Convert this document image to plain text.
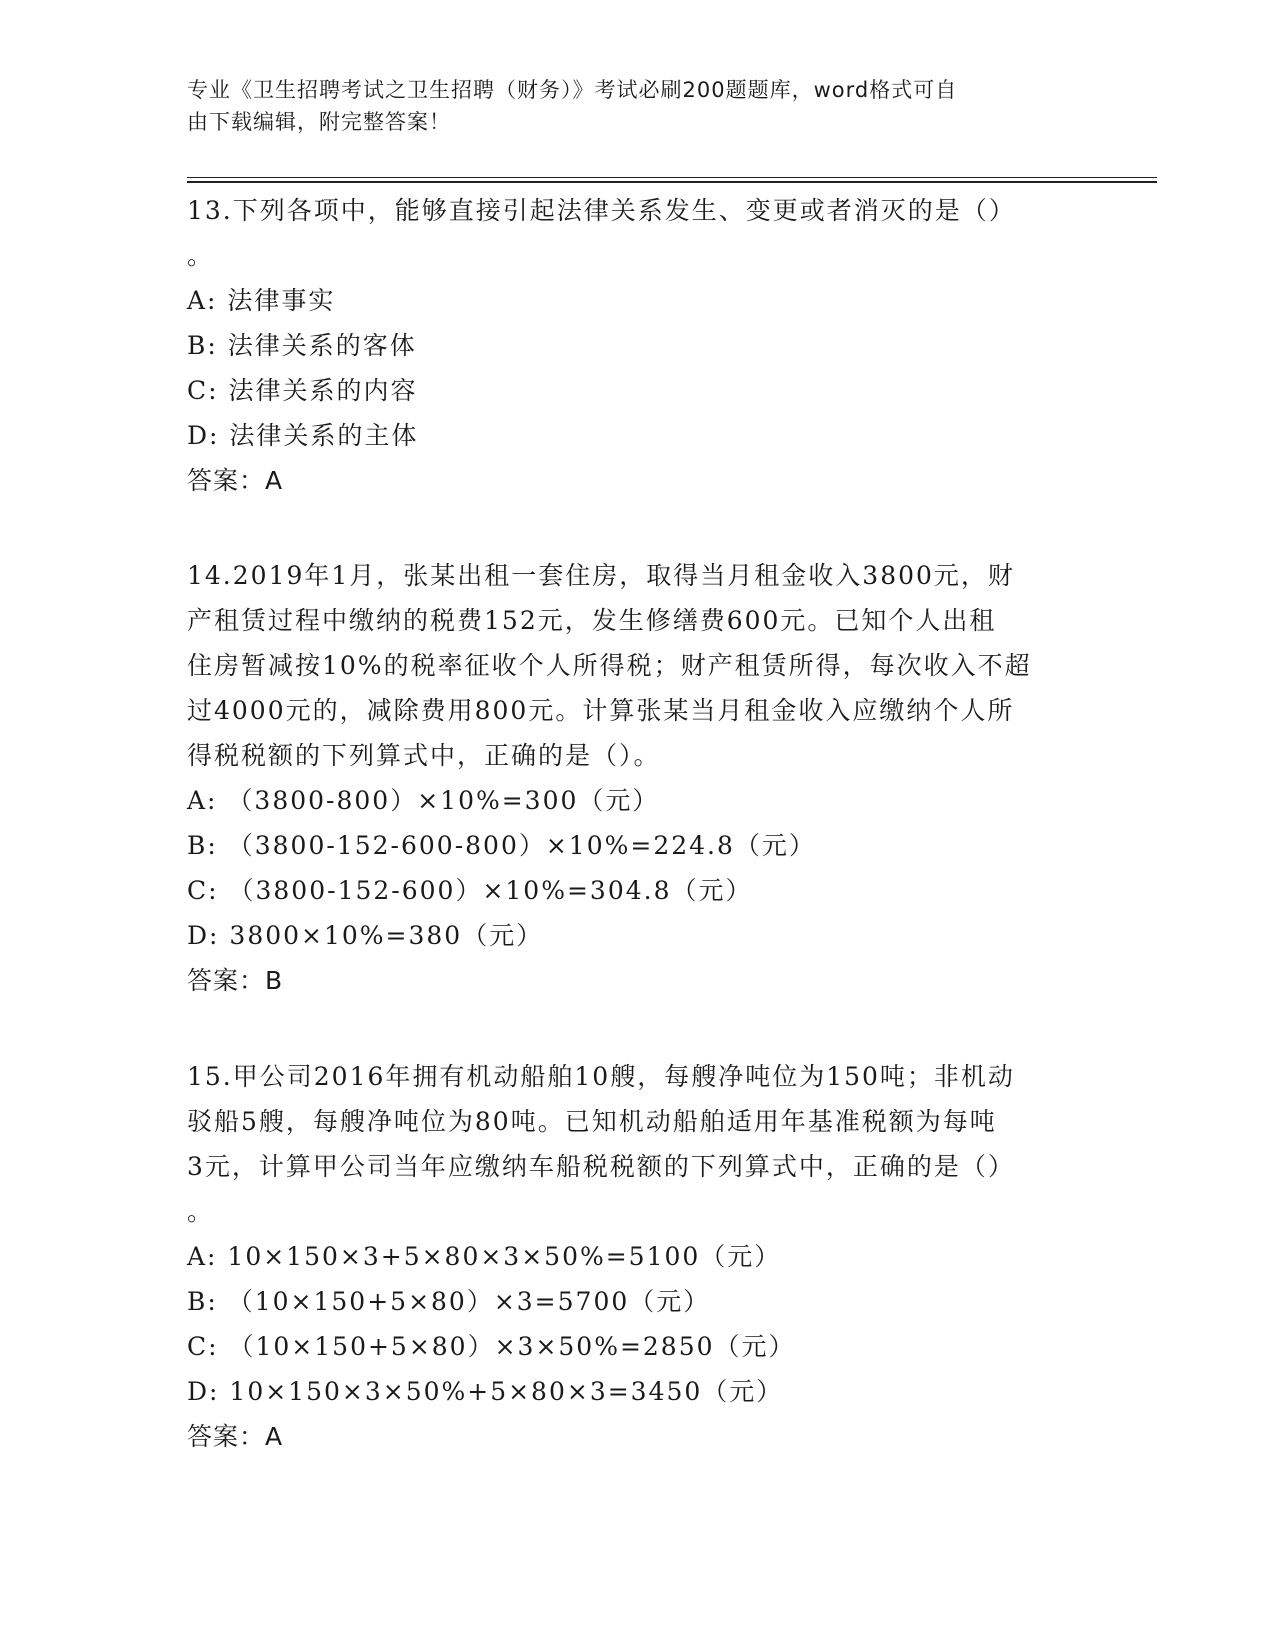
专业《卫生招聘考试之卫生招聘（财务）》考试必刷200题题库，word格式可自
由下载编辑，附完整答案！
13.下列各项中，能够直接引起法律关系发生、变更或者消灭的是（）
。
A: 法律事实
B: 法律关系的客体
C: 法律关系的内容
D: 法律关系的主体
答案：A
14.2019年1月，张某出租一套住房，取得当月租金收入3800元，财
产租赁过程中缴纳的税费152元，发生修缮费600元。已知个人出租
住房暂减按10%的税率征收个人所得税；财产租赁所得，每次收入不超
过4000元的，减除费用800元。计算张某当月租金收入应缴纳个人所
得税税额的下列算式中，正确的是（）。
A: （3800-800）×10%=300（元）
B: （3800-152-600-800）×10%=224.8（元）
C: （3800-152-600）×10%=304.8（元）
D: 3800×10%=380（元）
答案：B
15.甲公司2016年拥有机动船舶10艘，每艘净吨位为150吨；非机动
驳船5艘，每艘净吨位为80吨。已知机动船舶适用年基准税额为每吨
3元，计算甲公司当年应缴纳车船税税额的下列算式中，正确的是（）
。
A: 10×150×3+5×80×3×50%=5100（元）
B: （10×150+5×80）×3=5700（元）
C: （10×150+5×80）×3×50%=2850（元）
D: 10×150×3×50%+5×80×3=3450（元）
答案：A
